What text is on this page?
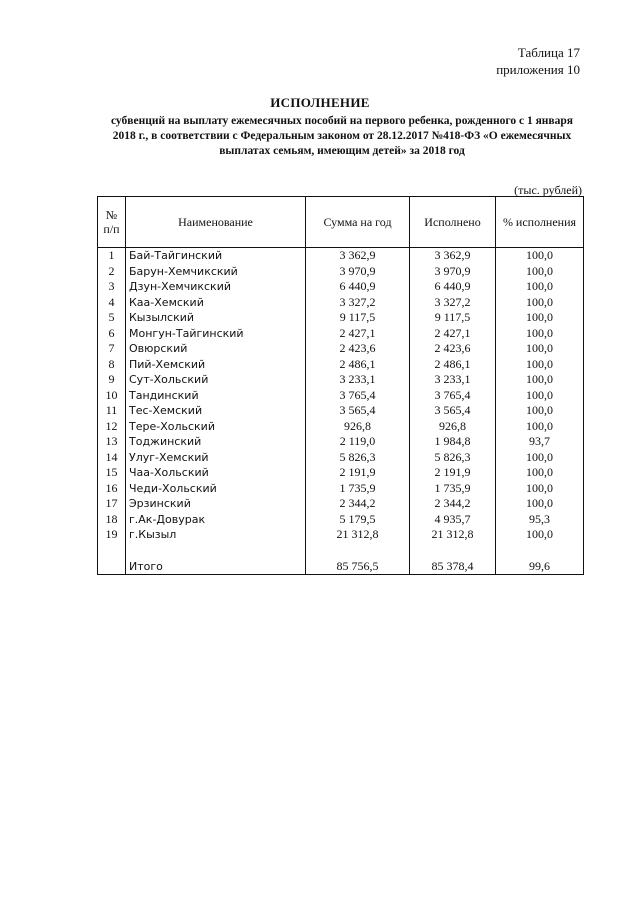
Таблица 17
приложения 10
ИСПОЛНЕНИЕ
субвенций на выплату ежемесячных пособий на первого ребенка, рожденного с 1 января 2018 г., в соответствии с Федеральным законом от 28.12.2017 №418-ФЗ «О ежемесячных выплатах семьям, имеющим детей» за 2018 год
(тыс. рублей)
№ п/п	Наименование	Сумма на год	Исполнено	% исполнения
1	Бай-Тайгинский	3 362,9	3 362,9	100,0
2	Барун-Хемчикский	3 970,9	3 970,9	100,0
3	Дзун-Хемчикский	6 440,9	6 440,9	100,0
4	Каа-Хемский	3 327,2	3 327,2	100,0
5	Кызылский	9 117,5	9 117,5	100,0
6	Монгун-Тайгинский	2 427,1	2 427,1	100,0
7	Овюрский	2 423,6	2 423,6	100,0
8	Пий-Хемский	2 486,1	2 486,1	100,0
9	Сут-Хольский	3 233,1	3 233,1	100,0
10	Тандинский	3 765,4	3 765,4	100,0
11	Тес-Хемский	3 565,4	3 565,4	100,0
12	Тере-Хольский	926,8	926,8	100,0
13	Тоджинский	2 119,0	1 984,8	93,7
14	Улуг-Хемский	5 826,3	5 826,3	100,0
15	Чаа-Хольский	2 191,9	2 191,9	100,0
16	Чеди-Хольский	1 735,9	1 735,9	100,0
17	Эрзинский	2 344,2	2 344,2	100,0
18	г.Ак-Довурак	5 179,5	4 935,7	95,3
19	г.Кызыл	21 312,8	21 312,8	100,0

	Итого	85 756,5	85 378,4	99,6
